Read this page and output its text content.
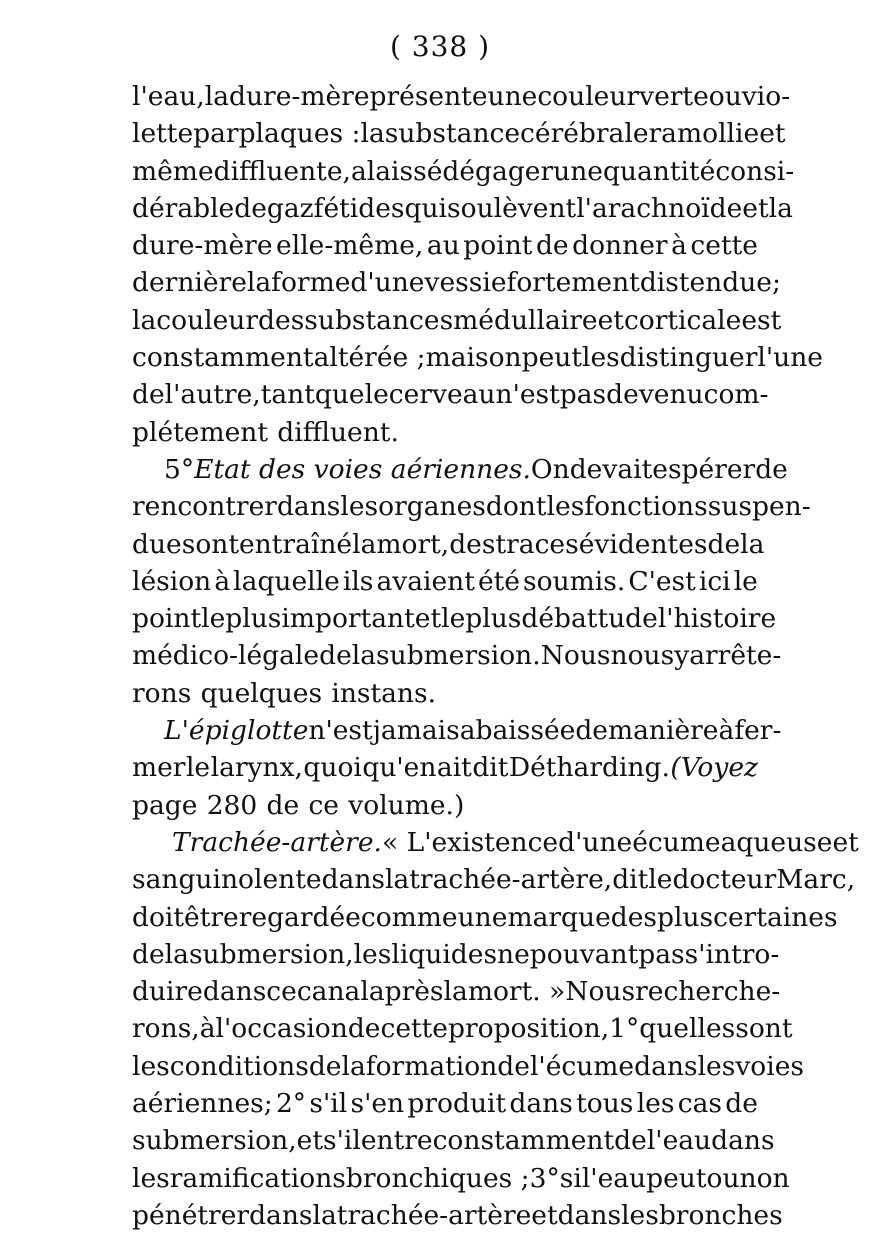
( 338 )
l'eau, la dure-mère présente une couleur verte ou vio-
lette par plaques : la substance cérébrale ramollie et
même diffluente, a laissé dégager une quantité consi-
dérable de gaz fétides qui soulèvent l'arachnoïde et la
dure-mère elle-même, au point de donner à cette
dernière la forme d'une vessie fortement distendue;
la couleur des substances médullaire et corticale est
constamment altérée ; mais on peut les distinguer l'une
de l'autre, tant que le cerveau n'est pas devenu com-
plétement diffluent.
5° Etat des voies aériennes. On devait espérer de
rencontrer dans les organes dont les fonctions suspen-
dues ont entraîné la mort, des traces évidentes de la
lésion à laquelle ils avaient été soumis. C'est ici le
point le plus important et le plus débattu de l'histoire
médico - légale de la submersion. Nous nous y arrête-
rons quelques instans.
L'épiglotte n'est jamais abaissée de manière à fer-
mer le larynx, quoi qu'en ait dit Détharding. (Voyez
page 280 de ce volume.)
Trachée-artère. « L'existence d'une écume aqueuse et
sanguinolente dans la trachée-artère, dit le docteur Marc,
doit être regardée comme une marque des plus certaines
de la submersion, les liquides ne pouvant pas s'intro-
duire dans ce canal après la mort. » Nous recherche-
rons, à l'occasion de cette proposition, 1° quelles sont
les conditions de la formation de l'écume dans les voies
aériennes; 2° s'il s'en produit dans tous les cas de
submersion, et s'il entre constamment de l'eau dans
les ramifications bronchiques ; 3° si l'eau peut ou non
pénétrer dans la trachée-artère et dans les bronches
